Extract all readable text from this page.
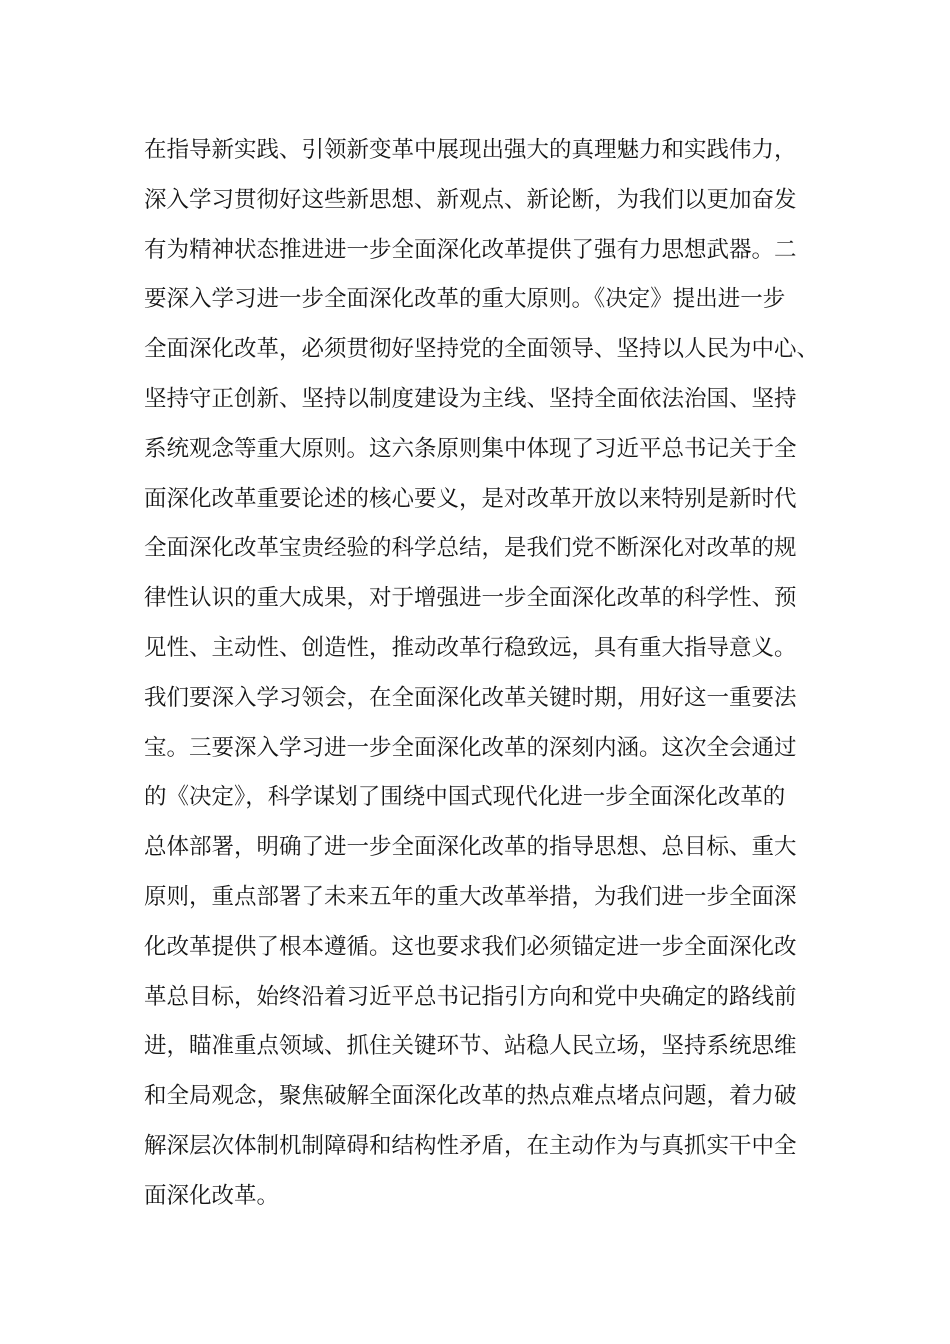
在指导新实践、引领新变革中展现出强大的真理魅力和实践伟力，
深入学习贯彻好这些新思想、新观点、新论断，为我们以更加奋发
有为精神状态推进进一步全面深化改革提供了强有力思想武器。二
要深入学习进一步全面深化改革的重大原则。《决定》提出进一步
全面深化改革，必须贯彻好坚持党的全面领导、坚持以人民为中心、
坚持守正创新、坚持以制度建设为主线、坚持全面依法治国、坚持
系统观念等重大原则。这六条原则集中体现了习近平总书记关于全
面深化改革重要论述的核心要义，是对改革开放以来特别是新时代
全面深化改革宝贵经验的科学总结，是我们党不断深化对改革的规
律性认识的重大成果，对于增强进一步全面深化改革的科学性、预
见性、主动性、创造性，推动改革行稳致远，具有重大指导意义。
我们要深入学习领会，在全面深化改革关键时期，用好这一重要法
宝。三要深入学习进一步全面深化改革的深刻内涵。这次全会通过
的《决定》，科学谋划了围绕中国式现代化进一步全面深化改革的
总体部署，明确了进一步全面深化改革的指导思想、总目标、重大
原则，重点部署了未来五年的重大改革举措，为我们进一步全面深
化改革提供了根本遵循。这也要求我们必须锚定进一步全面深化改
革总目标，始终沿着习近平总书记指引方向和党中央确定的路线前
进，瞄准重点领域、抓住关键环节、站稳人民立场，坚持系统思维
和全局观念，聚焦破解全面深化改革的热点难点堵点问题，着力破
解深层次体制机制障碍和结构性矛盾，在主动作为与真抓实干中全
面深化改革。
